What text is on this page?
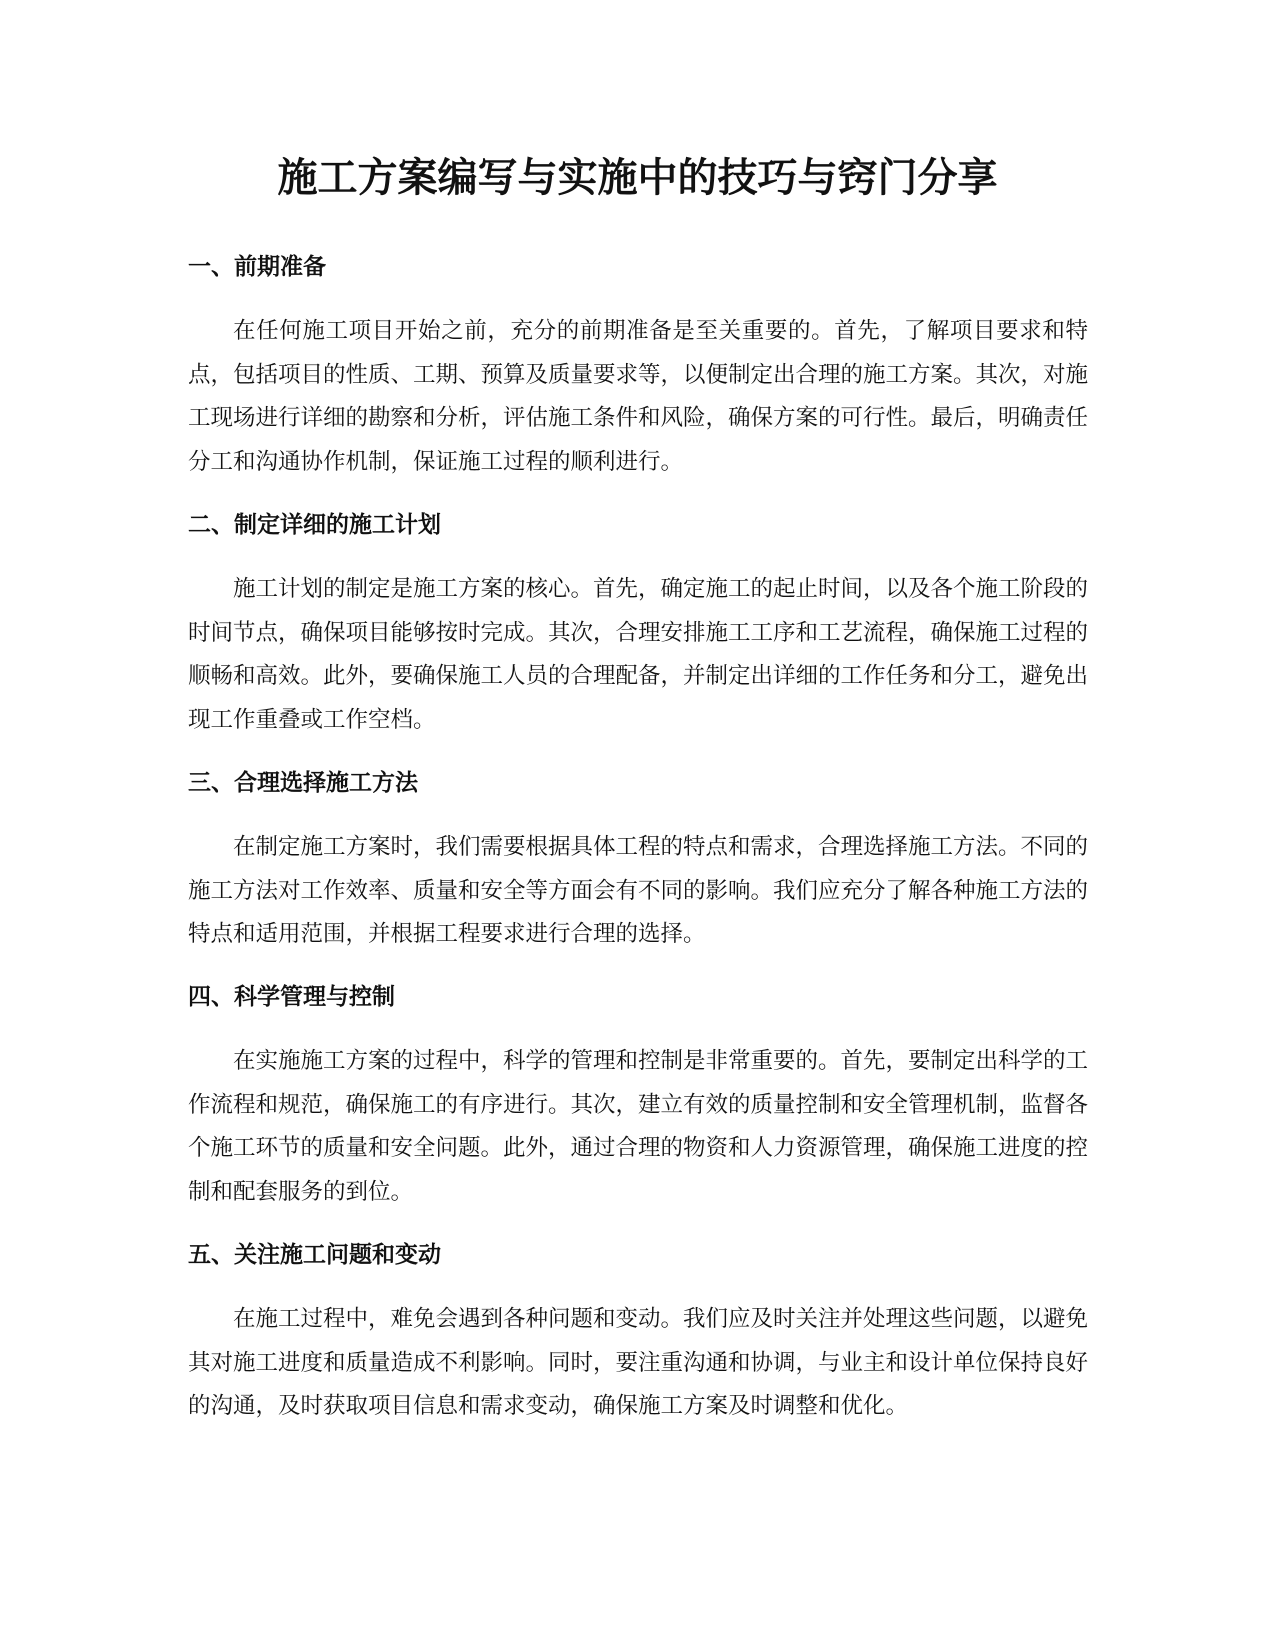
施工方案编写与实施中的技巧与窍门分享
一、前期准备

在任何施工项目开始之前，充分的前期准备是至关重要的。首先，了解项目要求和特点，包括项目的性质、工期、预算及质量要求等，以便制定出合理的施工方案。其次，对施工现场进行详细的勘察和分析，评估施工条件和风险，确保方案的可行性。最后，明确责任分工和沟通协作机制，保证施工过程的顺利进行。

二、制定详细的施工计划

施工计划的制定是施工方案的核心。首先，确定施工的起止时间，以及各个施工阶段的时间节点，确保项目能够按时完成。其次，合理安排施工工序和工艺流程，确保施工过程的顺畅和高效。此外，要确保施工人员的合理配备，并制定出详细的工作任务和分工，避免出现工作重叠或工作空档。

三、合理选择施工方法

在制定施工方案时，我们需要根据具体工程的特点和需求，合理选择施工方法。不同的施工方法对工作效率、质量和安全等方面会有不同的影响。我们应充分了解各种施工方法的特点和适用范围，并根据工程要求进行合理的选择。

四、科学管理与控制

在实施施工方案的过程中，科学的管理和控制是非常重要的。首先，要制定出科学的工作流程和规范，确保施工的有序进行。其次，建立有效的质量控制和安全管理机制，监督各个施工环节的质量和安全问题。此外，通过合理的物资和人力资源管理，确保施工进度的控制和配套服务的到位。

五、关注施工问题和变动

在施工过程中，难免会遇到各种问题和变动。我们应及时关注并处理这些问题，以避免其对施工进度和质量造成不利影响。同时，要注重沟通和协调，与业主和设计单位保持良好的沟通，及时获取项目信息和需求变动，确保施工方案及时调整和优化。
